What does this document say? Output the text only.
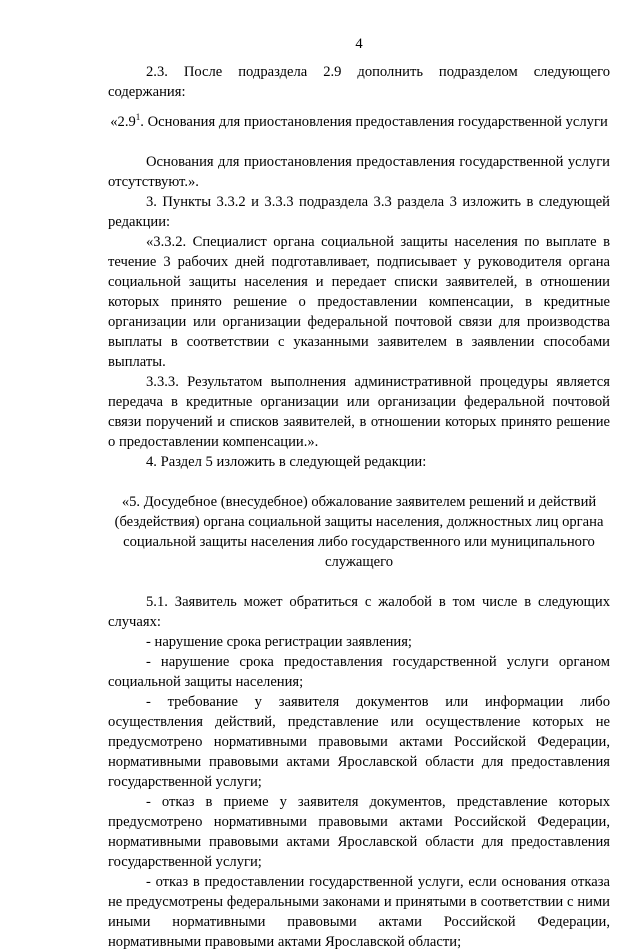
4

2.3. После подраздела 2.9 дополнить подразделом следующего содержания:

«$2.9^1$. Основания для приостановления предоставления государственной услуги

Основания для приостановления предоставления государственной услуги отсутствуют.».

3. Пункты 3.3.2 и 3.3.3 подраздела 3.3 раздела 3 изложить в следующей редакции:

«3.3.2. Специалист органа социальной защиты населения по выплате в течение 3 рабочих дней подготавливает, подписывает у руководителя органа социальной защиты населения и передает списки заявителей, в отношении которых принято решение о предоставлении компенсации, в кредитные организации или организации федеральной почтовой связи для производства выплаты в соответствии с указанными заявителем в заявлении способами выплаты.

3.3.3. Результатом выполнения административной процедуры является передача в кредитные организации или организации федеральной почтовой связи поручений и списков заявителей, в отношении которых принято решение о предоставлении компенсации.».

4. Раздел 5 изложить в следующей редакции:

«5. Досудебное (внесудебное) обжалование заявителем решений и действий (бездействия) органа социальной защиты населения, должностных лиц органа социальной защиты населения либо государственного или муниципального служащего

5.1. Заявитель может обратиться с жалобой в том числе в следующих случаях:

- нарушение срока регистрации заявления;

- нарушение срока предоставления государственной услуги органом социальной защиты населения;

- требование у заявителя документов или информации либо осуществления действий, представление или осуществление которых не предусмотрено нормативными правовыми актами Российской Федерации, нормативными правовыми актами Ярославской области для предоставления государственной услуги;

- отказ в приеме у заявителя документов, представление которых предусмотрено нормативными правовыми актами Российской Федерации, нормативными правовыми актами Ярославской области для предоставления государственной услуги;

- отказ в предоставлении государственной услуги, если основания отказа не предусмотрены федеральными законами и принятыми в соответствии с ними иными нормативными правовыми актами Российской Федерации, нормативными правовыми актами Ярославской области;
